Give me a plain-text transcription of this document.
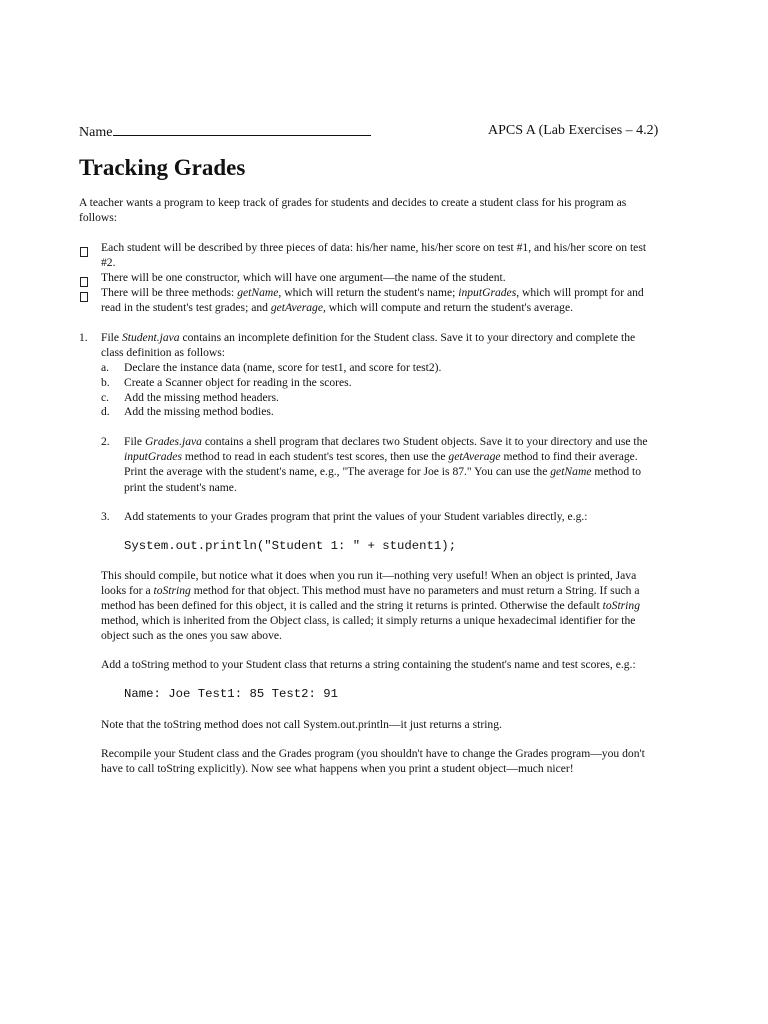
Name	APCS A (Lab Exercises – 4.2)
Tracking Grades
A teacher wants a program to keep track of grades for students and decides to create a student class for his program as
follows:
Each student will be described by three pieces of data: his/her name, his/her score on test #1, and his/her score on test
#2.
There will be one constructor, which will have one argument—the name of the student.
There will be three methods: getName, which will return the student's name; inputGrades, which will prompt for and
read in the student's test grades; and getAverage, which will compute and return the student's average.
1. File Student.java contains an incomplete definition for the Student class. Save it to your directory and complete the
class definition as follows:
a. Declare the instance data (name, score for test1, and score for test2).
b. Create a Scanner object for reading in the scores.
c. Add the missing method headers.
d. Add the missing method bodies.
2. File Grades.java contains a shell program that declares two Student objects. Save it to your directory and use the
inputGrades method to read in each student's test scores, then use the getAverage method to find their average.
Print the average with the student's name, e.g., "The average for Joe is 87." You can use the getName method to
print the student's name.
3. Add statements to your Grades program that print the values of your Student variables directly, e.g.:
System.out.println("Student 1: " + student1);
This should compile, but notice what it does when you run it—nothing very useful! When an object is printed, Java
looks for a toString method for that object. This method must have no parameters and must return a String. If such a
method has been defined for this object, it is called and the string it returns is printed. Otherwise the default toString
method, which is inherited from the Object class, is called; it simply returns a unique hexadecimal identifier for the
object such as the ones you saw above.
Add a toString method to your Student class that returns a string containing the student's name and test scores, e.g.:
Name: Joe Test1: 85 Test2: 91
Note that the toString method does not call System.out.println—it just returns a string.
Recompile your Student class and the Grades program (you shouldn't have to change the Grades program—you don't
have to call toString explicitly). Now see what happens when you print a student object—much nicer!
